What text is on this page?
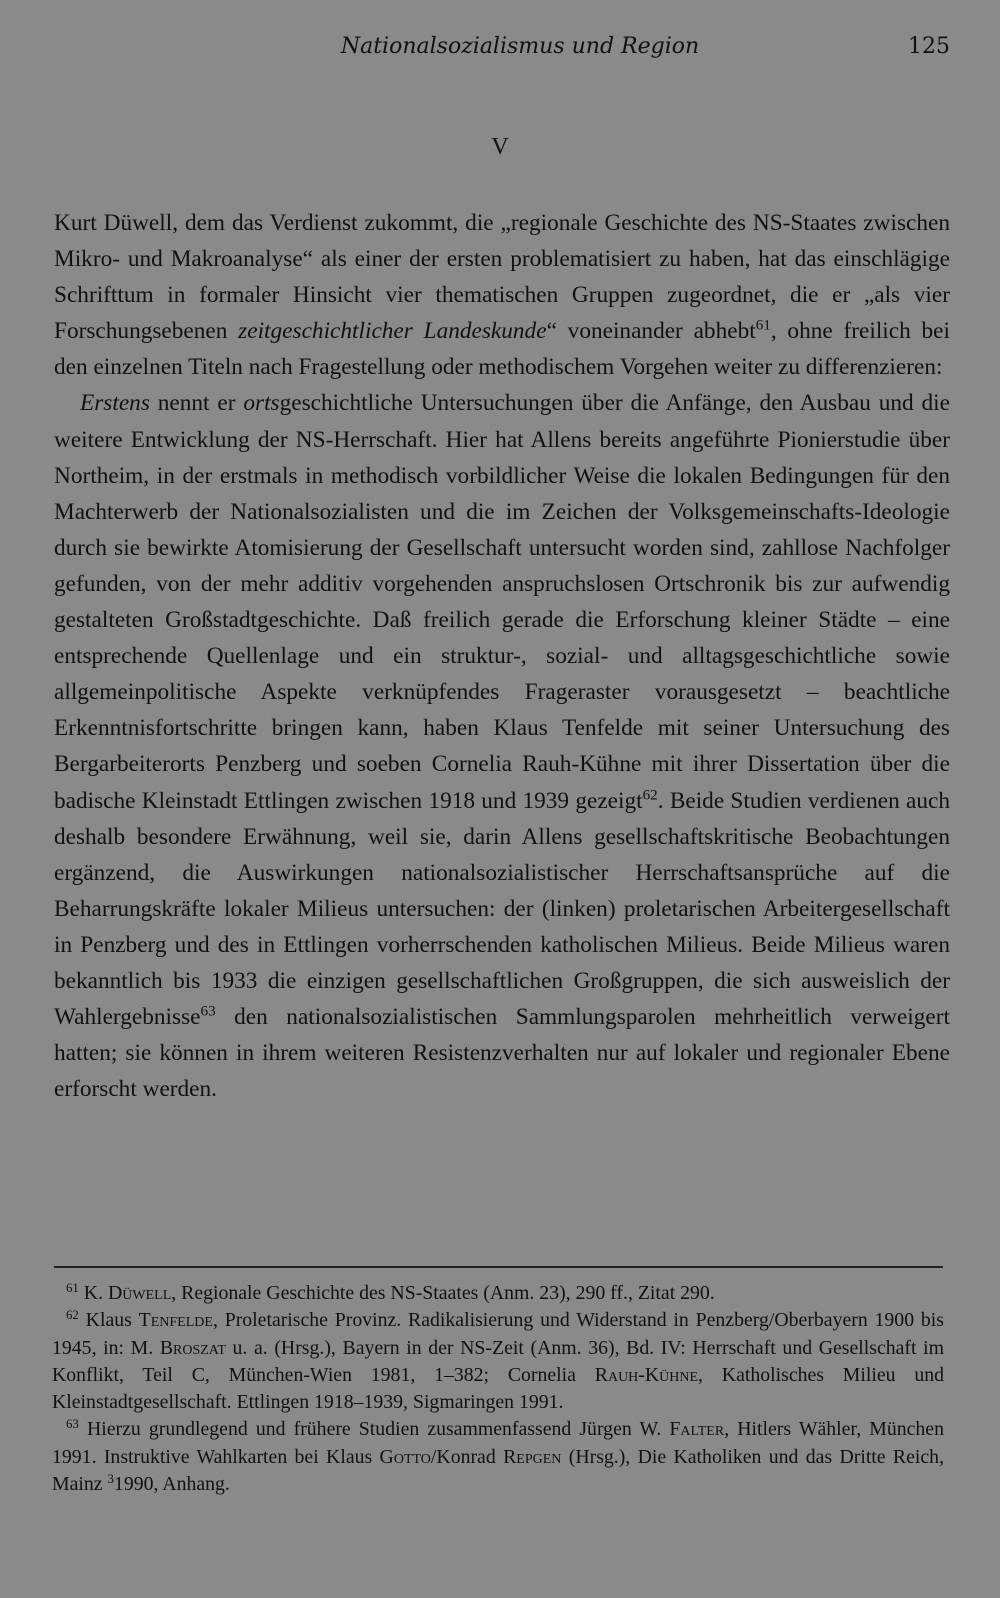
Nationalsozialismus und Region	125
V

Kurt Düwell, dem das Verdienst zukommt, die „regionale Geschichte des NS-Staates zwischen Mikro- und Makroanalyse“ als einer der ersten problematisiert zu haben, hat das einschlägige Schrifttum in formaler Hinsicht vier thematischen Gruppen zugeordnet, die er „als vier Forschungsebenen zeitgeschichtlicher Landeskunde“ voneinander abhebt$^{61}$, ohne freilich bei den einzelnen Titeln nach Fragestellung oder methodischem Vorgehen weiter zu differenzieren:

Erstens nennt er ortsgeschichtliche Untersuchungen über die Anfänge, den Ausbau und die weitere Entwicklung der NS-Herrschaft. Hier hat Allens bereits angeführte Pionierstudie über Northeim, in der erstmals in methodisch vorbildlicher Weise die lokalen Bedingungen für den Machterwerb der Nationalsozialisten und die im Zeichen der Volksgemeinschafts-Ideologie durch sie bewirkte Atomisierung der Gesellschaft untersucht worden sind, zahllose Nachfolger gefunden, von der mehr additiv vorgehenden anspruchslosen Ortschronik bis zur aufwendig gestalteten Großstadtgeschichte. Daß freilich gerade die Erforschung kleiner Städte – eine entsprechende Quellenlage und ein struktur-, sozial- und alltagsgeschichtliche sowie allgemeinpolitische Aspekte verknüpfendes Frageraster vorausgesetzt – beachtliche Erkenntnisfortschritte bringen kann, haben Klaus Tenfelde mit seiner Untersuchung des Bergarbeiterorts Penzberg und soeben Cornelia Rauh-Kühne mit ihrer Dissertation über die badische Kleinstadt Ettlingen zwischen 1918 und 1939 gezeigt$^{62}$. Beide Studien verdienen auch deshalb besondere Erwähnung, weil sie, darin Allens gesellschaftskritische Beobachtungen ergänzend, die Auswirkungen nationalsozialistischer Herrschaftsansprüche auf die Beharrungskräfte lokaler Milieus untersuchen: der (linken) proletarischen Arbeitergesellschaft in Penzberg und des in Ettlingen vorherrschenden katholischen Milieus. Beide Milieus waren bekanntlich bis 1933 die einzigen gesellschaftlichen Großgruppen, die sich ausweislich der Wahlergebnisse$^{63}$ den nationalsozialistischen Sammlungsparolen mehrheitlich verweigert hatten; sie können in ihrem weiteren Resistenzverhalten nur auf lokaler und regionaler Ebene erforscht werden.

$^{61}$ K. Düwell, Regionale Geschichte des NS-Staates (Anm. 23), 290 ff., Zitat 290.

$^{62}$ Klaus Tenfelde, Proletarische Provinz. Radikalisierung und Widerstand in Penzberg/Oberbayern 1900 bis 1945, in: M. Broszat u. a. (Hrsg.), Bayern in der NS-Zeit (Anm. 36), Bd. IV: Herrschaft und Gesellschaft im Konflikt, Teil C, München-Wien 1981, 1–382; Cornelia Rauh-Kühne, Katholisches Milieu und Kleinstadtgesellschaft. Ettlingen 1918–1939, Sigmaringen 1991.

$^{63}$ Hierzu grundlegend und frühere Studien zusammenfassend Jürgen W. Falter, Hitlers Wähler, München 1991. Instruktive Wahlkarten bei Klaus Gotto/Konrad Repgen (Hrsg.), Die Katholiken und das Dritte Reich, Mainz $^3$1990, Anhang.
